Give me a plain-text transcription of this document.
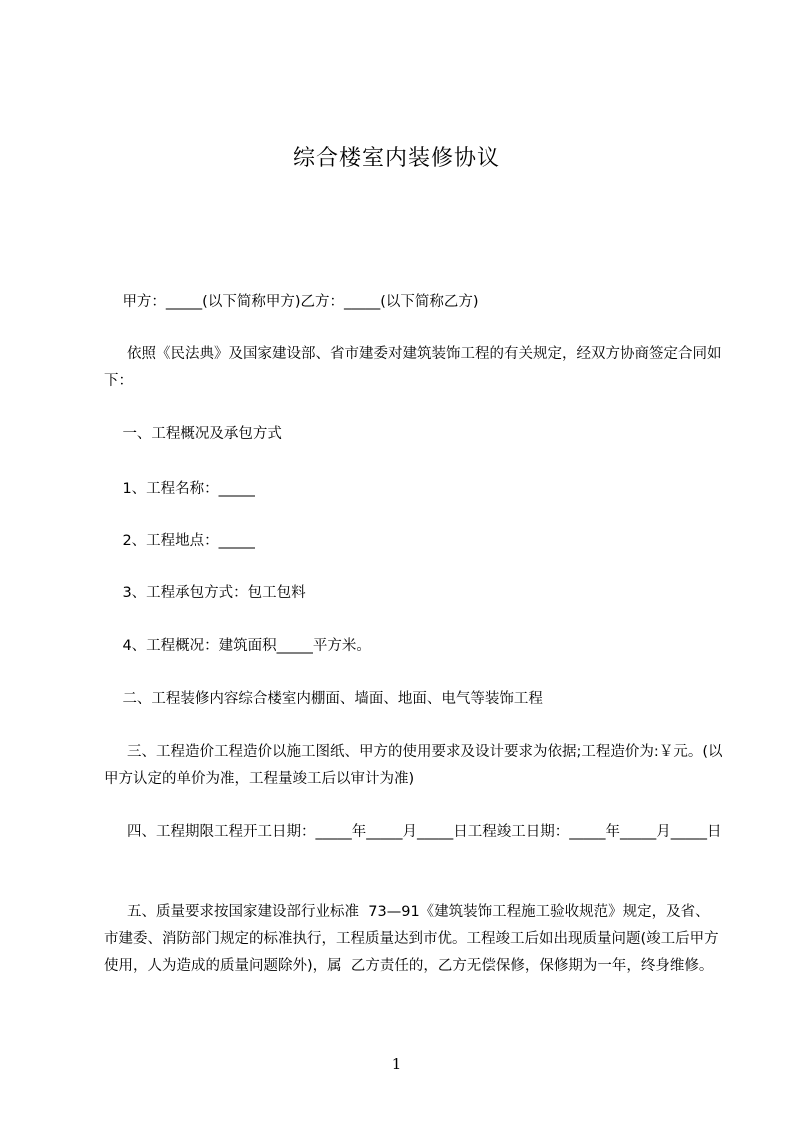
综合楼室内装修协议
甲方：_____(以下简称甲方)乙方：_____(以下简称乙方)
依照《民法典》及国家建设部、省市建委对建筑装饰工程的有关规定，经双方协商签定合同如下：
一、工程概况及承包方式
1、工程名称：_____
2、工程地点：_____
3、工程承包方式：包工包料
4、工程概况：建筑面积_____平方米。
二、工程装修内容综合楼室内棚面、墙面、地面、电气等装饰工程
三、工程造价工程造价以施工图纸、甲方的使用要求及设计要求为依据;工程造价为:￥元。(以甲方认定的单价为准，工程量竣工后以审计为准)
四、工程期限工程开工日期：_____年_____月_____日工程竣工日期：_____年_____月_____日
五、质量要求按国家建设部行业标准  73—91《建筑装饰工程施工验收规范》规定，及省、市建委、消防部门规定的标准执行，工程质量达到市优。工程竣工后如出现质量问题(竣工后甲方使用，人为造成的质量问题除外)，属  乙方责任的，乙方无偿保修，保修期为一年，终身维修。
1
